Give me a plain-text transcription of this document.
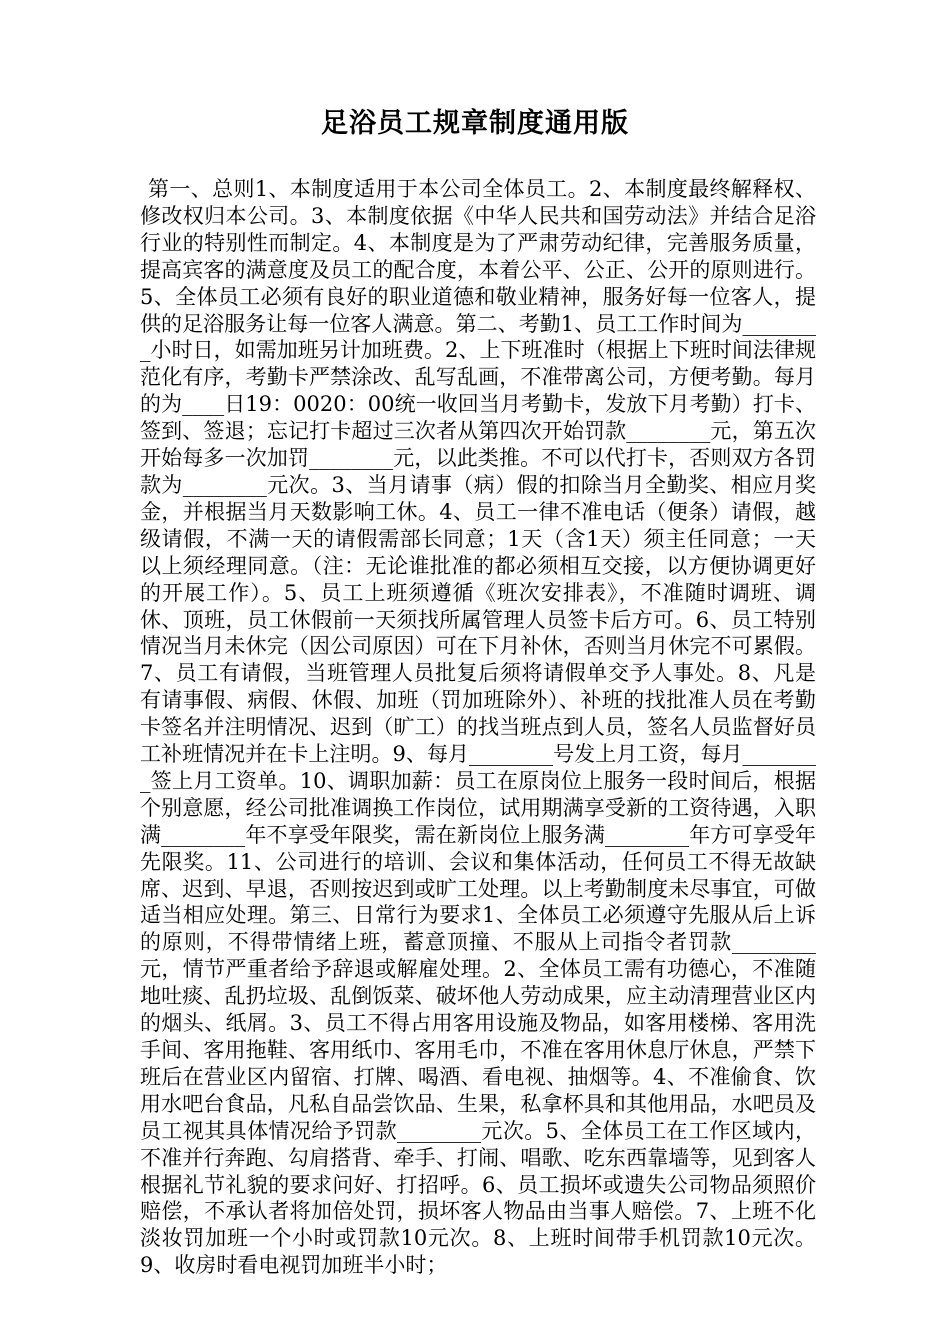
足浴员工规章制度通用版
第一、总则1、本制度适用于本公司全体员工。2、本制度最终解释权、修改权归本公司。3、本制度依据《中华人民共和国劳动法》并结合足浴行业的特别性而制定。4、本制度是为了严肃劳动纪律，完善服务质量，提高宾客的满意度及员工的配合度，本着公平、公正、公开的原则进行。5、全体员工必须有良好的职业道德和敬业精神，服务好每一位客人，提供的足浴服务让每一位客人满意。第二、考勤1、员工工作时间为________小时日，如需加班另计加班费。2、上下班准时（根据上下班时间法律规范化有序，考勤卡严禁涂改、乱写乱画，不准带离公司，方便考勤。每月的为____日19：0020：00统一收回当月考勤卡，发放下月考勤）打卡、签到、签退；忘记打卡超过三次者从第四次开始罚款________元，第五次开始每多一次加罚________元，以此类推。不可以代打卡，否则双方各罚款为________元次。3、当月请事（病）假的扣除当月全勤奖、相应月奖金，并根据当月天数影响工休。4、员工一律不准电话（便条）请假，越级请假，不满一天的请假需部长同意；1天（含1天）须主任同意；一天以上须经理同意。（注：无论谁批准的都必须相互交接，以方便协调更好的开展工作）。5、员工上班须遵循《班次安排表》，不准随时调班、调休、顶班，员工休假前一天须找所属管理人员签卡后方可。6、员工特别情况当月未休完（因公司原因）可在下月补休，否则当月休完不可累假。7、员工有请假，当班管理人员批复后须将请假单交予人事处。8、凡是有请事假、病假、休假、加班（罚加班除外）、补班的找批准人员在考勤卡签名并注明情况、迟到（旷工）的找当班点到人员，签名人员监督好员工补班情况并在卡上注明。9、每月________号发上月工资，每月________签上月工资单。10、调职加薪：员工在原岗位上服务一段时间后，根据个别意愿，经公司批准调换工作岗位，试用期满享受新的工资待遇，入职满________年不享受年限奖，需在新岗位上服务满________年方可享受年先限奖。11、公司进行的培训、会议和集体活动，任何员工不得无故缺席、迟到、早退，否则按迟到或旷工处理。以上考勤制度未尽事宜，可做适当相应处理。第三、日常行为要求1、全体员工必须遵守先服从后上诉的原则，不得带情绪上班，蓄意顶撞、不服从上司指令者罚款________元，情节严重者给予辞退或解雇处理。2、全体员工需有功德心，不准随地吐痰、乱扔垃圾、乱倒饭菜、破坏他人劳动成果，应主动清理营业区内的烟头、纸屑。3、员工不得占用客用设施及物品，如客用楼梯、客用洗手间、客用拖鞋、客用纸巾、客用毛巾，不准在客用休息厅休息，严禁下班后在营业区内留宿、打牌、喝酒、看电视、抽烟等。4、不准偷食、饮用水吧台食品，凡私自品尝饮品、生果，私拿杯具和其他用品，水吧员及员工视其具体情况给予罚款________元次。5、全体员工在工作区域内，不准并行奔跑、勾肩搭背、牵手、打闹、唱歌、吃东西靠墙等，见到客人根据礼节礼貌的要求问好、打招呼。6、员工损坏或遗失公司物品须照价赔偿，不承认者将加倍处罚，损坏客人物品由当事人赔偿。7、上班不化淡妆罚加班一个小时或罚款10元次。8、上班时间带手机罚款10元次。9、收房时看电视罚加班半小时；
